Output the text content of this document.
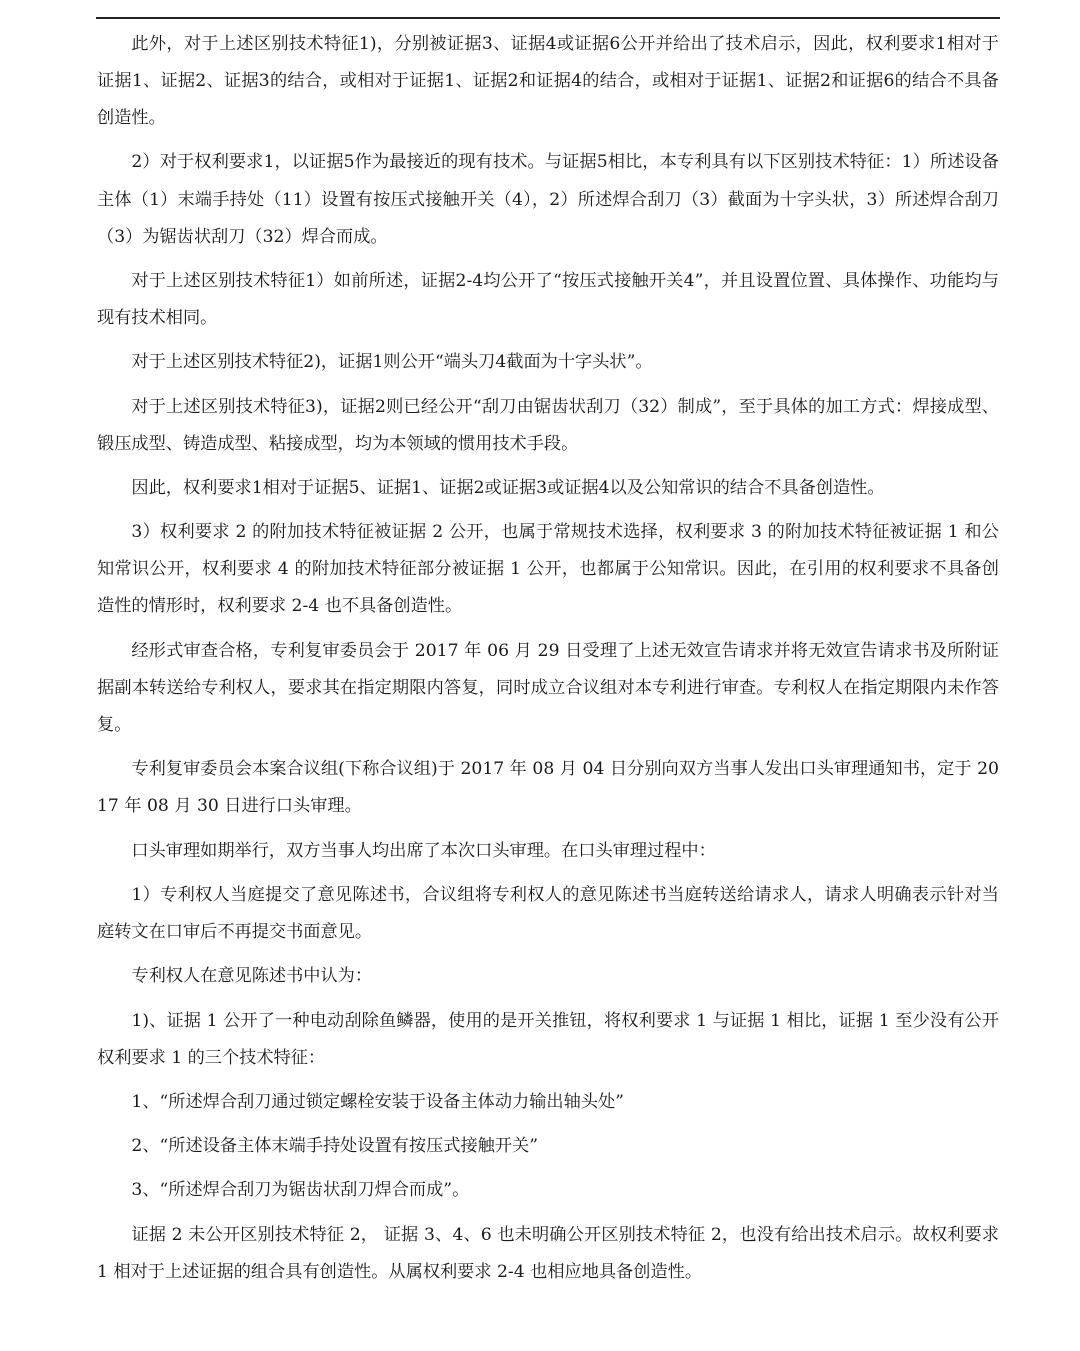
此外，对于上述区别技术特征1)，分别被证据3、证据4或证据6公开并给出了技术启示，因此，权利要求1相对于证据1、证据2、证据3的结合，或相对于证据1、证据2和证据4的结合，或相对于证据1、证据2和证据6的结合不具备创造性。

2）对于权利要求1，以证据5作为最接近的现有技术。与证据5相比，本专利具有以下区别技术特征：1）所述设备主体（1）末端手持处（11）设置有按压式接触开关（4），2）所述焊合刮刀（3）截面为十字头状，3）所述焊合刮刀（3）为锯齿状刮刀（32）焊合而成。

对于上述区别技术特征1）如前所述，证据2-4均公开了“按压式接触开关4”，并且设置位置、具体操作、功能均与现有技术相同。

对于上述区别技术特征2)，证据1则公开“端头刀4截面为十字头状”。

对于上述区别技术特征3)，证据2则已经公开“刮刀由锯齿状刮刀（32）制成”，至于具体的加工方式：焊接成型、锻压成型、铸造成型、粘接成型，均为本领域的惯用技术手段。

因此，权利要求1相对于证据5、证据1、证据2或证据3或证据4以及公知常识的结合不具备创造性。

3）权利要求 2 的附加技术特征被证据 2 公开，也属于常规技术选择，权利要求 3 的附加技术特征被证据 1 和公知常识公开，权利要求 4 的附加技术特征部分被证据 1 公开，也都属于公知常识。因此，在引用的权利要求不具备创造性的情形时，权利要求 2-4 也不具备创造性。

经形式审查合格，专利复审委员会于 2017 年 06 月 29 日受理了上述无效宣告请求并将无效宣告请求书及所附证据副本转送给专利权人，要求其在指定期限内答复，同时成立合议组对本专利进行审查。专利权人在指定期限内未作答复。

专利复审委员会本案合议组(下称合议组)于 2017 年 08 月 04 日分别向双方当事人发出口头审理通知书，定于 2017 年 08 月 30 日进行口头审理。

口头审理如期举行，双方当事人均出席了本次口头审理。在口头审理过程中：

1）专利权人当庭提交了意见陈述书，合议组将专利权人的意见陈述书当庭转送给请求人，请求人明确表示针对当庭转文在口审后不再提交书面意见。

专利权人在意见陈述书中认为：

1)、证据 1 公开了一种电动刮除鱼鳞器，使用的是开关推钮，将权利要求 1 与证据 1 相比，证据 1 至少没有公开权利要求 1 的三个技术特征：

1、“所述焊合刮刀通过锁定螺栓安装于设备主体动力输出轴头处”

2、“所述设备主体末端手持处设置有按压式接触开关”

3、“所述焊合刮刀为锯齿状刮刀焊合而成”。

证据 2 未公开区别技术特征 2， 证据 3、4、6 也未明确公开区别技术特征 2，也没有给出技术启示。故权利要求 1 相对于上述证据的组合具有创造性。从属权利要求 2-4 也相应地具备创造性。
